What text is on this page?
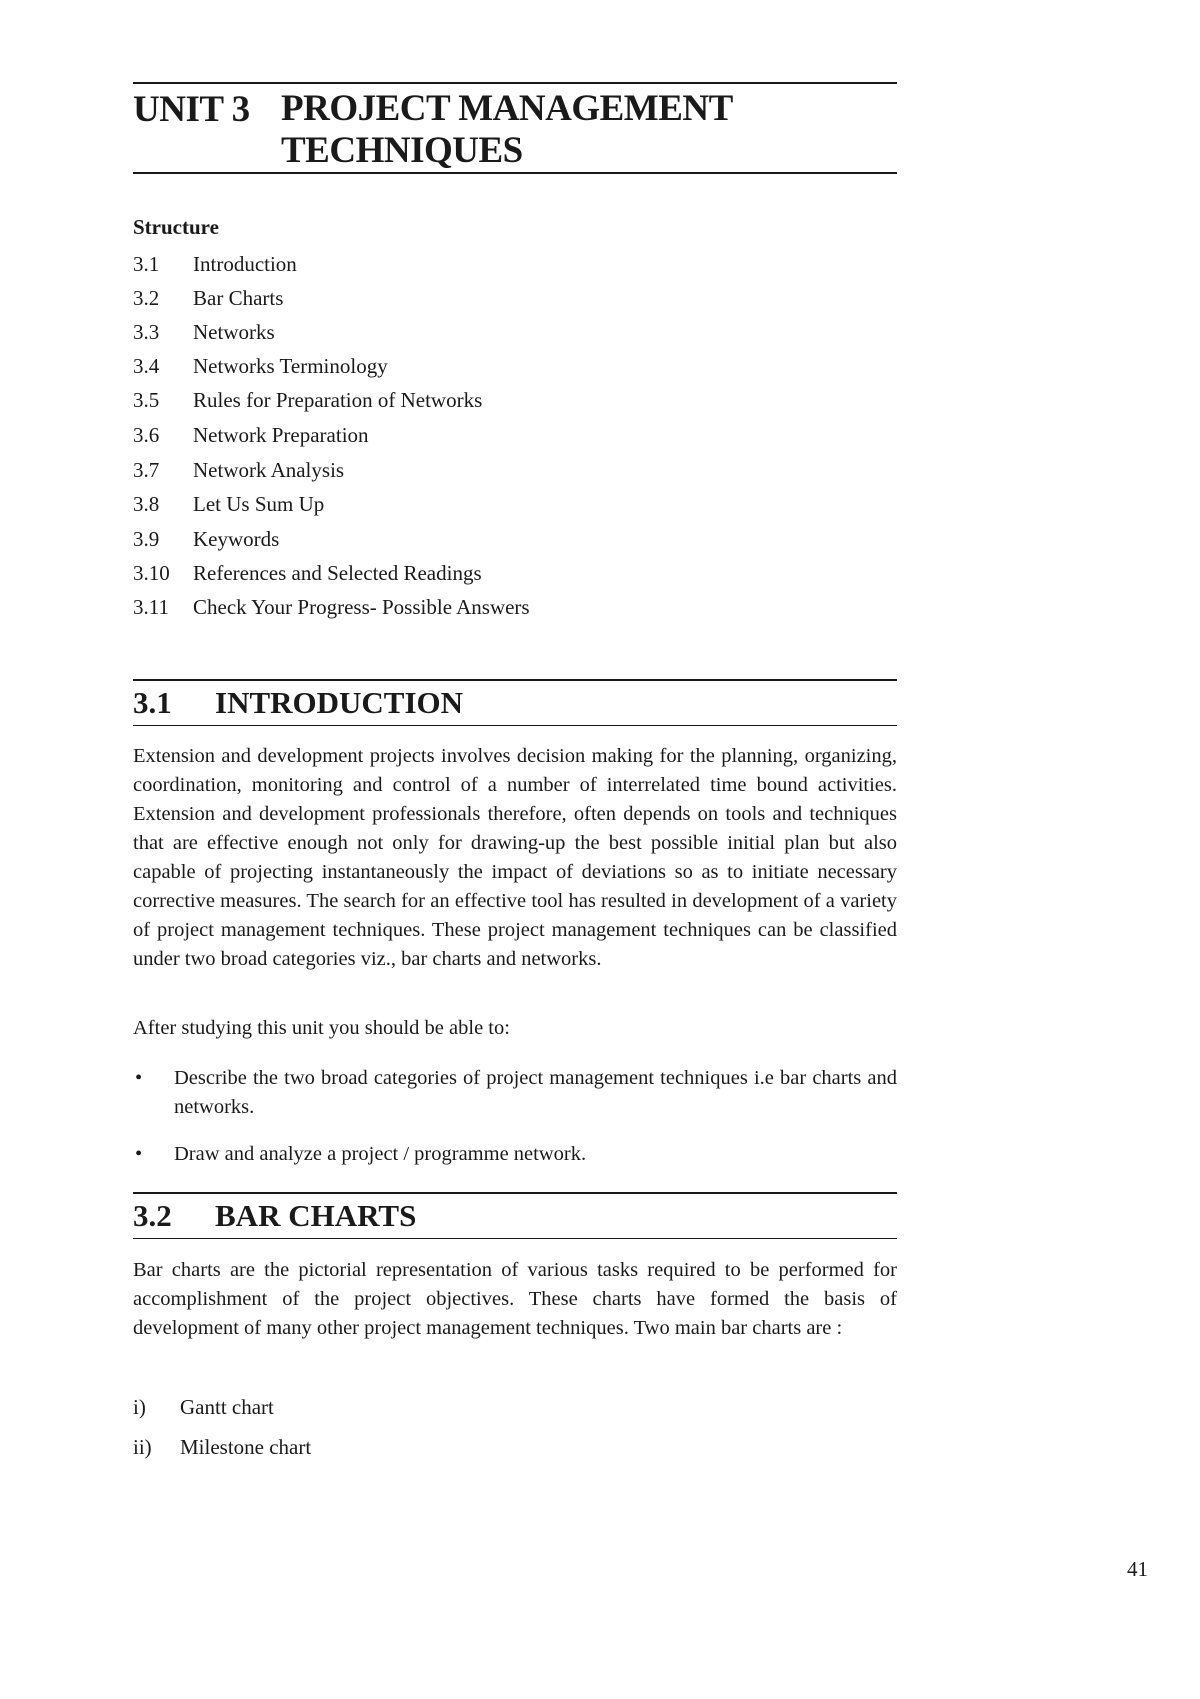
UNIT 3 PROJECT MANAGEMENT
TECHNIQUES
Structure
3.1	Introduction
3.2	Bar Charts
3.3	Networks
3.4	Networks Terminology
3.5	Rules for Preparation of Networks
3.6	Network Preparation
3.7	Network Analysis
3.8	Let Us Sum Up
3.9	Keywords
3.10	References and Selected Readings
3.11	Check Your Progress- Possible Answers
3.1 INTRODUCTION

Extension and development projects involves decision making for the planning, organizing, coordination, monitoring and control of a number of interrelated time bound activities. Extension and development professionals therefore, often depends on tools and techniques that are effective enough not only for drawing-up the best possible initial plan but also capable of projecting instantaneously the impact of deviations so as to initiate necessary corrective measures. The search for an effective tool has resulted in development of a variety of project management techniques. These project management techniques can be classified under two broad categories viz., bar charts and networks.

After studying this unit you should be able to:
• Describe the two broad categories of project management techniques i.e bar charts and networks.
• Draw and analyze a project / programme network.
3.2 BAR CHARTS

Bar charts are the pictorial representation of various tasks required to be performed for accomplishment of the project objectives. These charts have formed the basis of development of many other project management techniques. Two main bar charts are :

i) Gantt chart
ii) Milestone chart
41
